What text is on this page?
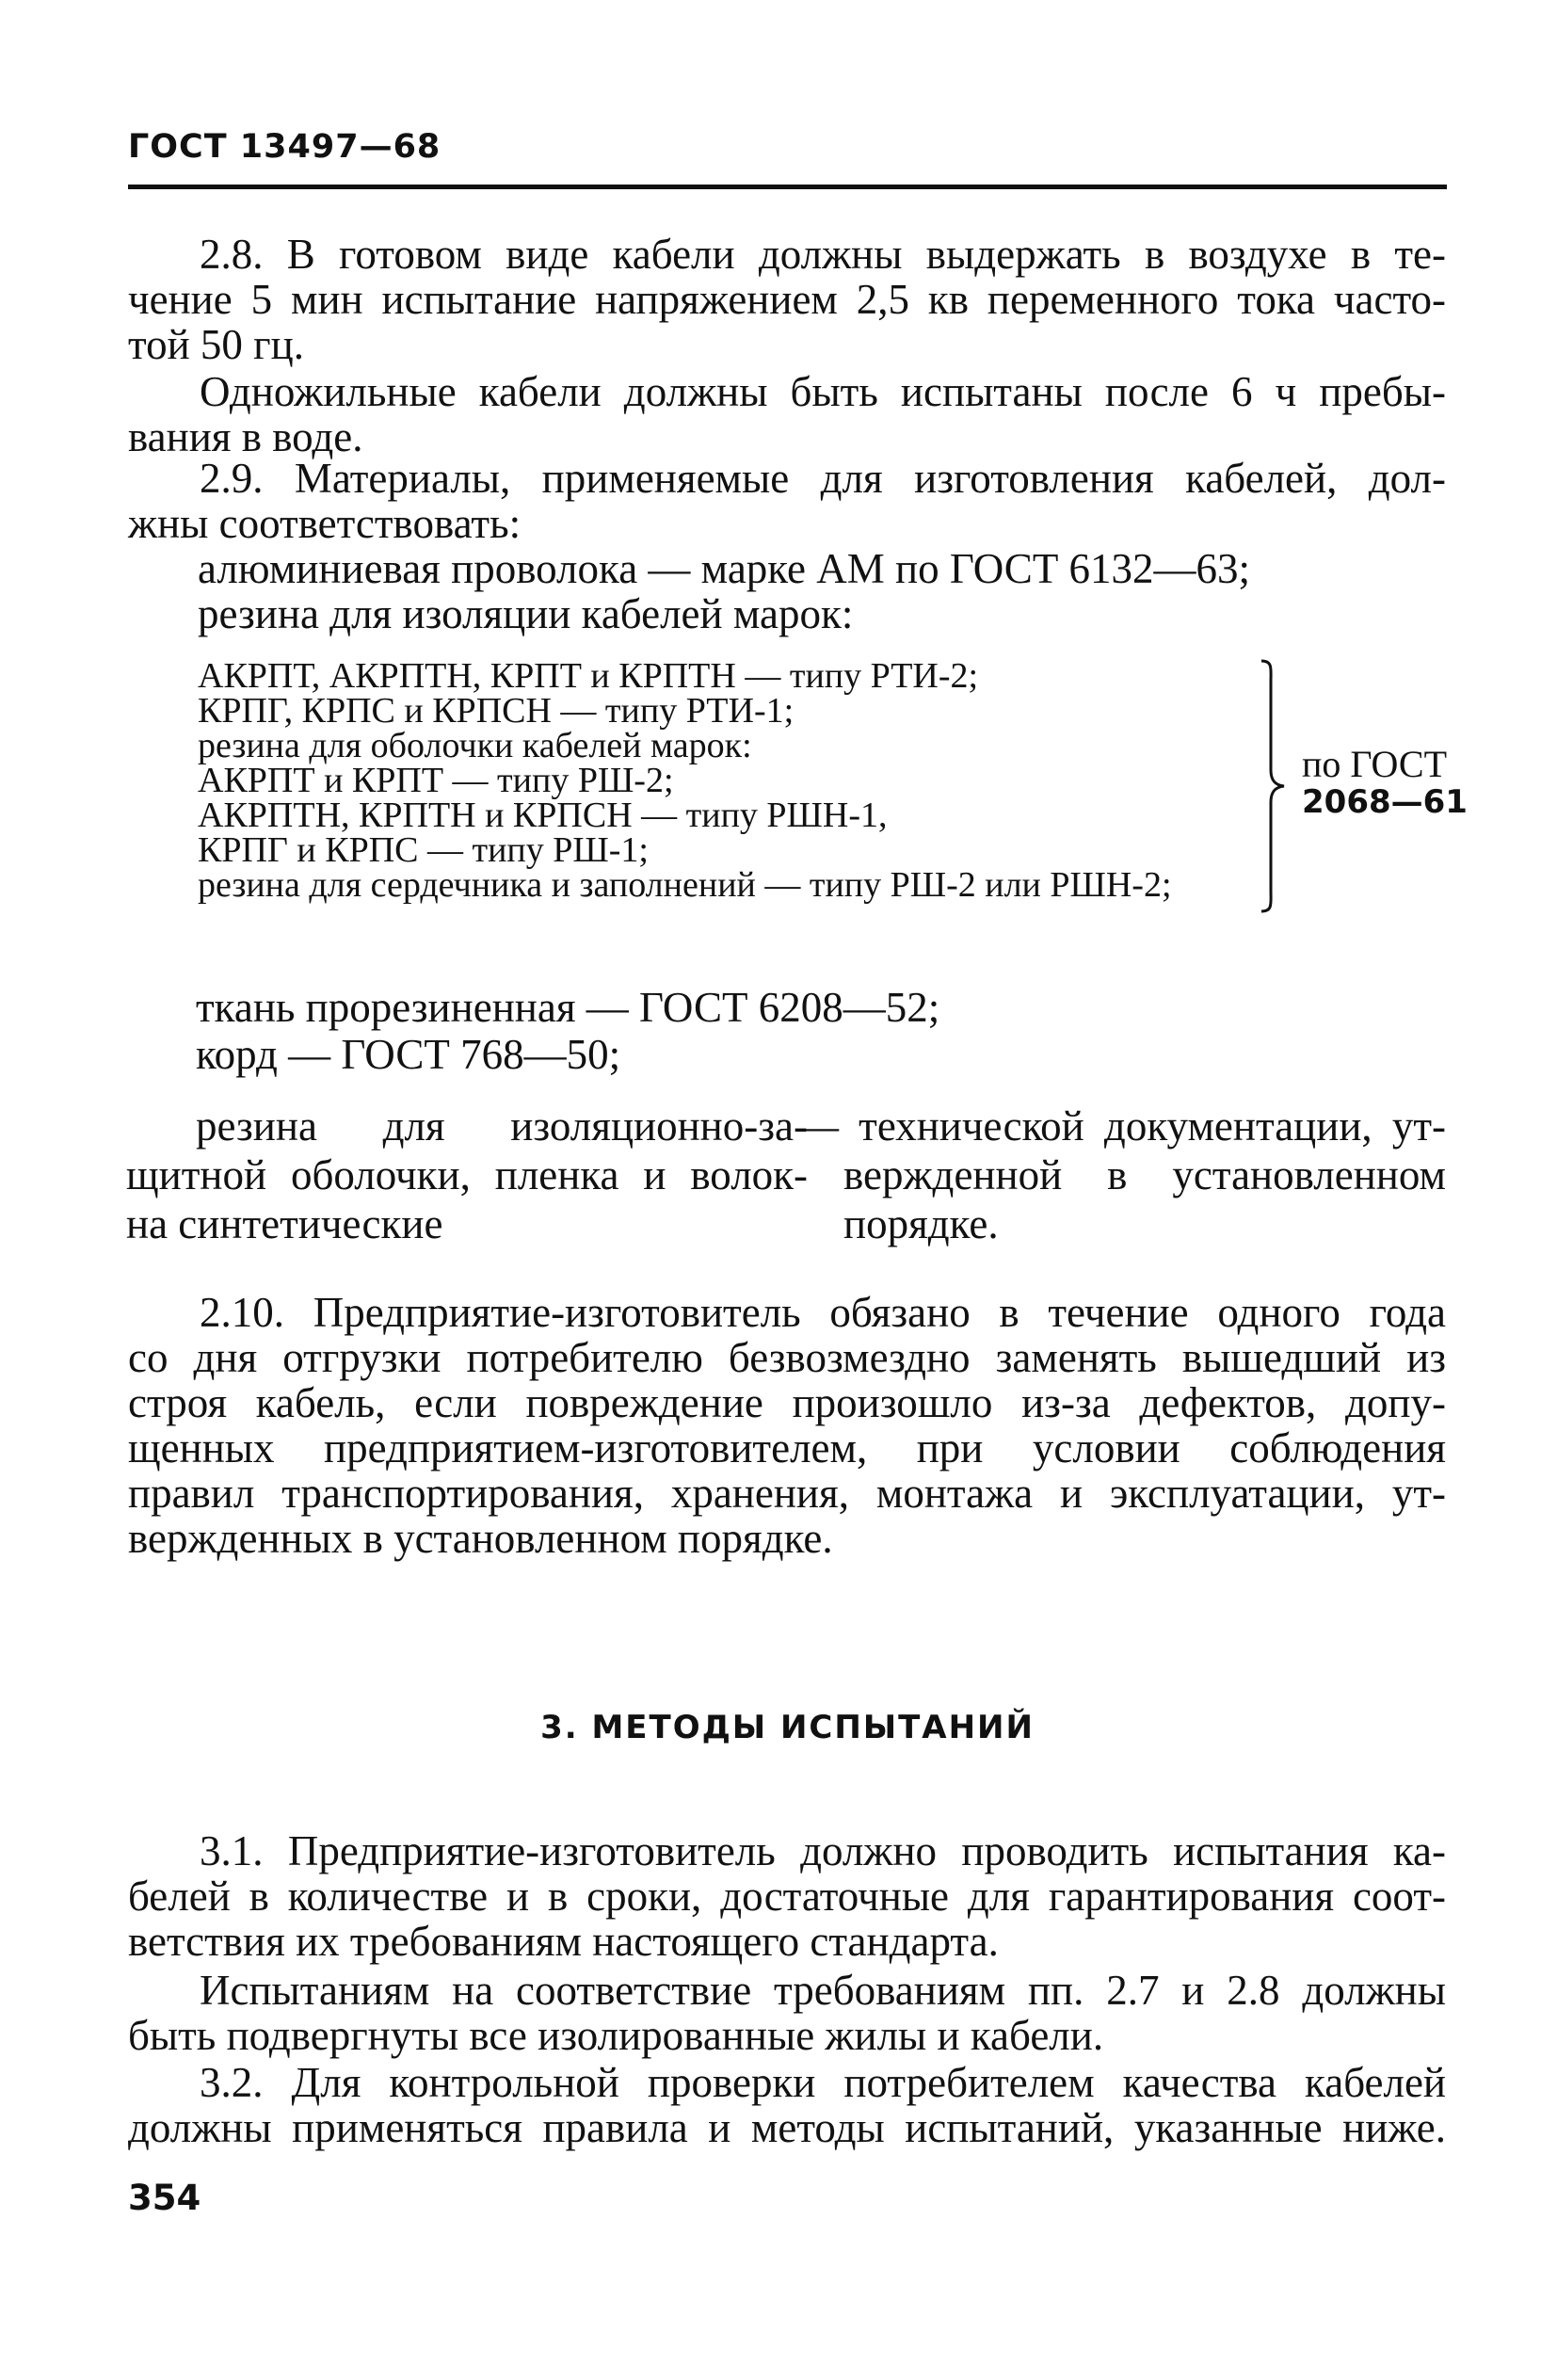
ГОСТ 13497—68
2.8. В готовом виде кабели должны выдержать в воздухе в те-
чение 5 мин испытание напряжением 2,5 кв переменного тока часто-
той 50 гц.
Одножильные кабели должны быть испытаны после 6 ч пребы-
вания в воде.
2.9. Материалы, применяемые для изготовления кабелей, дол-
жны соответствовать:
алюминиевая проволока — марке АМ по ГОСТ 6132—63;
резина для изоляции кабелей марок:
АКРПТ, АКРПТН, КРПТ и КРПТН — типу РТИ-2;
КРПГ, КРПС и КРПСН — типу РТИ-1;
резина для оболочки кабелей марок:
АКРПТ и КРПТ — типу РШ-2;
АКРПТН, КРПТН и КРПСН — типу РШН-1,
КРПГ и КРПС — типу РШ-1;
резина для сердечника и заполнений — типу РШ-2 или РШН-2;
по ГОСТ
2068—61
ткань прорезиненная — ГОСТ 6208—52;
корд — ГОСТ 768—50;
резина для изоляционно-за-
щитной оболочки, пленка и волок-
на синтетические
— технической документации, ут-
вержденной в установленном
порядке.
2.10. Предприятие-изготовитель обязано в течение одного года
со дня отгрузки потребителю безвозмездно заменять вышедший из
строя кабель, если повреждение произошло из-за дефектов, допу-
щенных предприятием-изготовителем, при условии соблюдения
правил транспортирования, хранения, монтажа и эксплуатации, ут-
вержденных в установленном порядке.
3. МЕТОДЫ ИСПЫТАНИЙ
3.1. Предприятие-изготовитель должно проводить испытания ка-
белей в количестве и в сроки, достаточные для гарантирования соот-
ветствия их требованиям настоящего стандарта.
Испытаниям на соответствие требованиям пп. 2.7 и 2.8 должны
быть подвергнуты все изолированные жилы и кабели.
3.2. Для контрольной проверки потребителем качества кабелей
должны применяться правила и методы испытаний, указанные ниже.
354
